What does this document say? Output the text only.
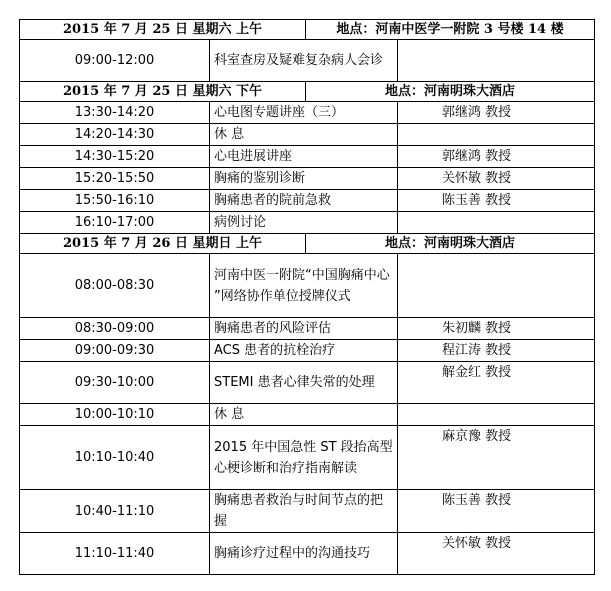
2015 年 7 月 25 日 星期六 上午		地点：河南中医学一附院 3 号楼 14 楼	
09:00-12:00	科室查房及疑难复杂病人会诊		
2015 年 7 月 25 日 星期六 下午		地点：河南明珠大酒店	
13:30-14:20	心电图专题讲座（三）		郭继鸿 教授
14:20-14:30	休 息		
14:30-15:20	心电进展讲座		郭继鸿 教授
15:20-15:50	胸痛的鉴别诊断		关怀敏 教授
15:50-16:10	胸痛患者的院前急救		陈玉善 教授
16:10-17:00	病例讨论		
2015 年 7 月 26 日 星期日 上午		地点：河南明珠大酒店	
08:00-08:30	河南中医一附院“中国胸痛中心 ”网络协作单位授牌仪式		
08:30-09:00	胸痛患者的风险评估		朱初麟 教授
09:00-09:30	ACS 患者的抗栓治疗		程江涛 教授
09:30-10:00	STEMI 患者心律失常的处理		解金红 教授
10:00-10:10	休 息		
10:10-10:40	2015 年中国急性 ST 段抬高型心梗诊断和治疗指南解读		麻京豫 教授
10:40-11:10	胸痛患者救治与时间节点的把握		陈玉善 教授
11:10-11:40	胸痛诊疗过程中的沟通技巧		关怀敏 教授
